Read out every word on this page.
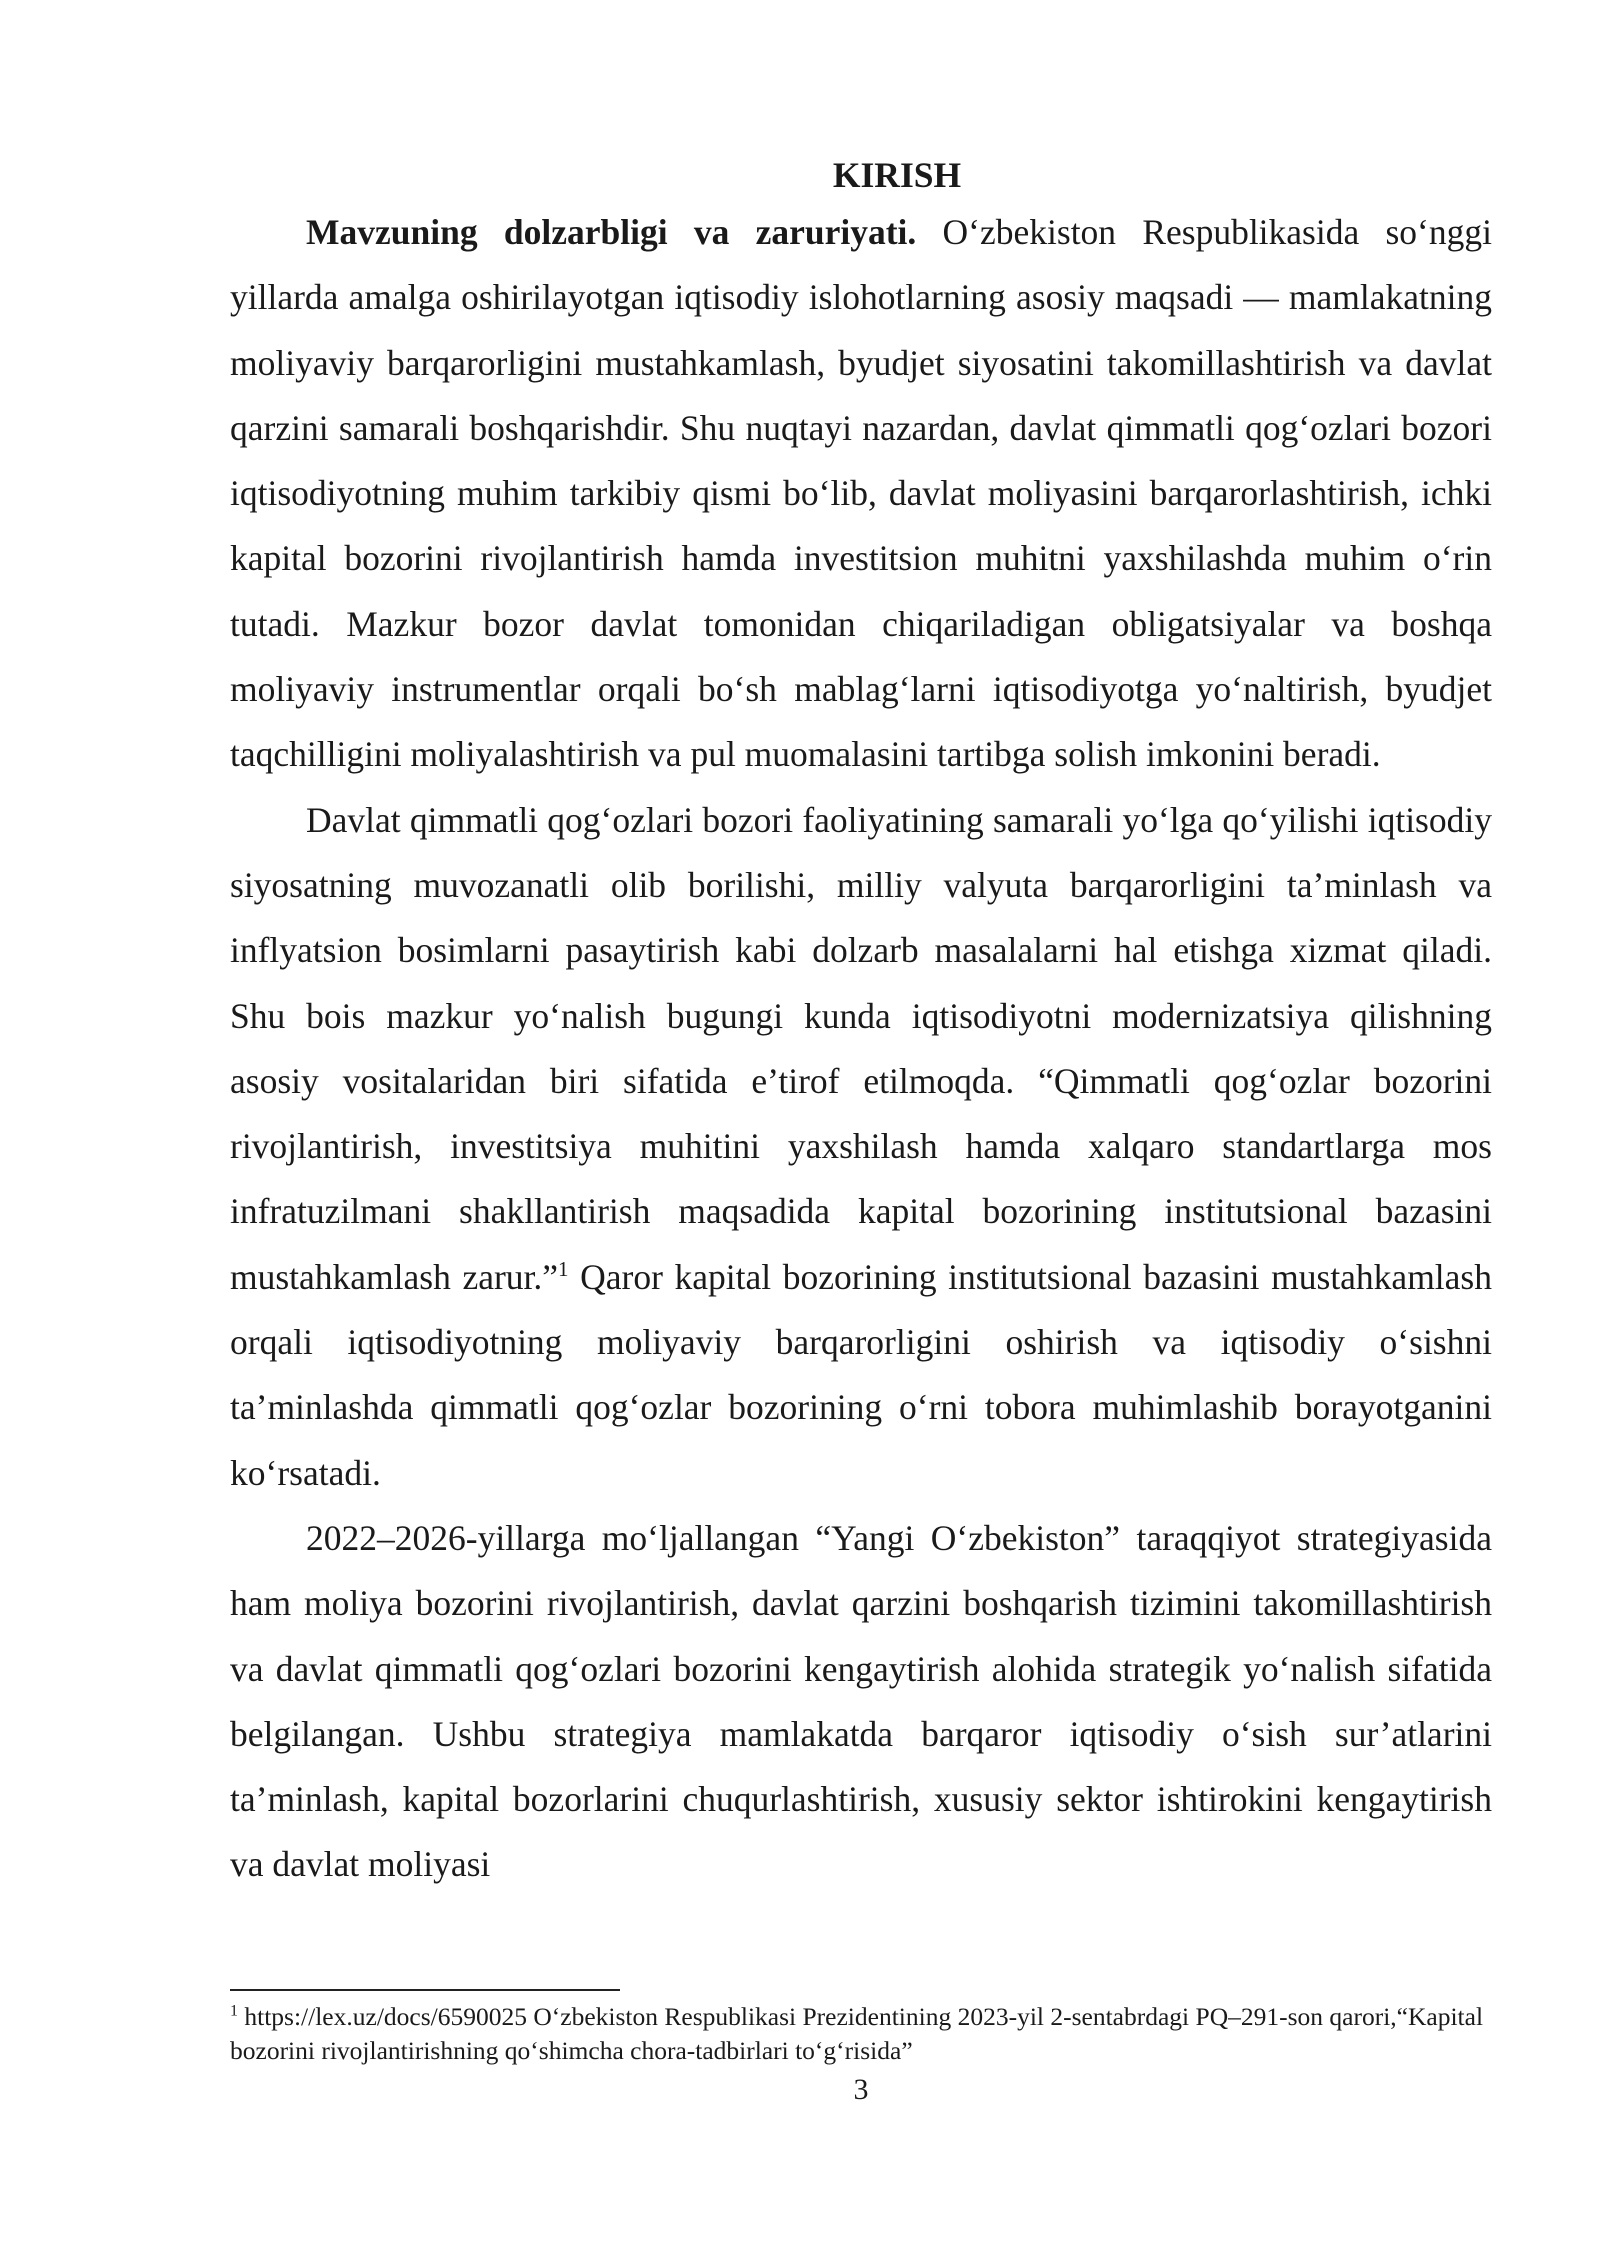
KIRISH

Mavzuning dolzarbligi va zaruriyati. O‘zbekiston Respublikasida so‘nggi yillarda amalga oshirilayotgan iqtisodiy islohotlarning asosiy maqsadi — mamlakatning moliyaviy barqarorligini mustahkamlash, byudjet siyosatini takomillashtirish va davlat qarzini samarali boshqarishdir. Shu nuqtayi nazardan, davlat qimmatli qog‘ozlari bozori iqtisodiyotning muhim tarkibiy qismi bo‘lib, davlat moliyasini barqarorlashtirish, ichki kapital bozorini rivojlantirish hamda investitsion muhitni yaxshilashda muhim o‘rin tutadi. Mazkur bozor davlat tomonidan chiqariladigan obligatsiyalar va boshqa moliyaviy instrumentlar orqali bo‘sh mablag‘larni iqtisodiyotga yo‘naltirish, byudjet taqchilligini moliyalashtirish va pul muomalasini tartibga solish imkonini beradi.

Davlat qimmatli qog‘ozlari bozori faoliyatining samarali yo‘lga qo‘yilishi iqtisodiy siyosatning muvozanatli olib borilishi, milliy valyuta barqarorligini ta’minlash va inflyatsion bosimlarni pasaytirish kabi dolzarb masalalarni hal etishga xizmat qiladi. Shu bois mazkur yo‘nalish bugungi kunda iqtisodiyotni modernizatsiya qilishning asosiy vositalaridan biri sifatida e’tirof etilmoqda. “Qimmatli qog‘ozlar bozorini rivojlantirish, investitsiya muhitini yaxshilash hamda xalqaro standartlarga mos infratuzilmani shakllantirish maqsadida kapital bozorining institutsional bazasini mustahkamlash zarur.”$^1$ Qaror kapital bozorining institutsional bazasini mustahkamlash orqali iqtisodiyotning moliyaviy barqarorligini oshirish va iqtisodiy o‘sishni ta’minlashda qimmatli qog‘ozlar bozorining o‘rni tobora muhimlashib borayotganini ko‘rsatadi.

2022–2026-yillarga mo‘ljallangan “Yangi O‘zbekiston” taraqqiyot strategiyasida ham moliya bozorini rivojlantirish, davlat qarzini boshqarish tizimini takomillashtirish va davlat qimmatli qog‘ozlari bozorini kengaytirish alohida strategik yo‘nalish sifatida belgilangan. Ushbu strategiya mamlakatda barqaror iqtisodiy o‘sish sur’atlarini ta’minlash, kapital bozorlarini chuqurlashtirish, xususiy sektor ishtirokini kengaytirish va davlat moliyasi

$^1$ https://lex.uz/docs/6590025 O‘zbekiston Respublikasi Prezidentining 2023-yil 2-sentabrdagi PQ–291-son qarori,“Kapital bozorini rivojlantirishning qo‘shimcha chora-tadbirlari to‘g‘risida”

3
